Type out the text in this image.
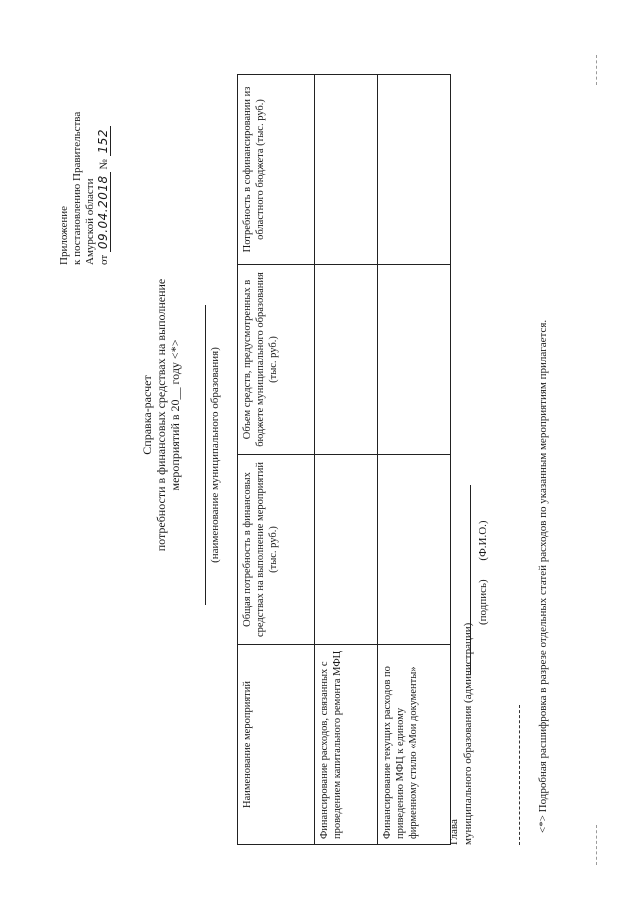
Приложение к постановлению Правительства Амурской области от 09.04.2018 № 152
Справка-расчет потребности в финансовых средствах на выполнение мероприятий в 20__ году <*>	(наименование муниципального образования)
Наименование мероприятий	Общая потребность в финансовых средствах на выполнение мероприятий (тыс. руб.)	Объем средств, предусмотренных в бюджете муниципального образования (тыс. руб.)	Потребность в софинансировании из областного бюджета (тыс. руб.)
Финансирование расходов, связанных с проведением капитального ремонта МФЦ			
Финансирование текущих расходов по приведению МФЦ к единому фирменному стилю «Мои документы»				Глава муниципального образования (администрации)
(подпись) (Ф.И.О.)	<*> Подробная расшифровка в разрезе отдельных статей расходов по указанным мероприятиям прилагается.
